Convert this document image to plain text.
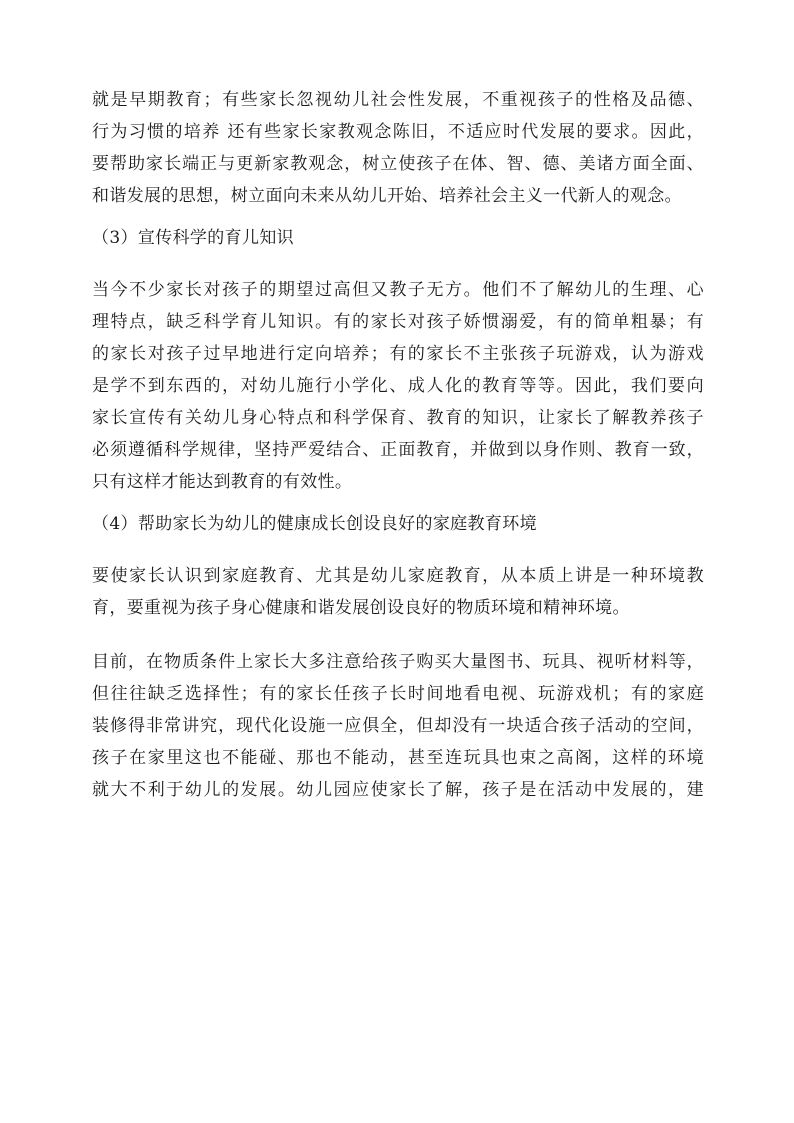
就是早期教育；有些家长忽视幼儿社会性发展，不重视孩子的性格及品德、
行为习惯的培养 还有些家长家教观念陈旧，不适应时代发展的要求。因此，
要帮助家长端正与更新家教观念，树立使孩子在体、智、德、美诸方面全面、
和谐发展的思想，树立面向未来从幼儿开始、培养社会主义一代新人的观念。

（3）宣传科学的育儿知识

当今不少家长对孩子的期望过高但又教子无方。他们不了解幼儿的生理、心
理特点，缺乏科学育儿知识。有的家长对孩子娇惯溺爱，有的简单粗暴；有
的家长对孩子过早地进行定向培养；有的家长不主张孩子玩游戏，认为游戏
是学不到东西的，对幼儿施行小学化、成人化的教育等等。因此，我们要向
家长宣传有关幼儿身心特点和科学保育、教育的知识，让家长了解教养孩子
必须遵循科学规律，坚持严爱结合、正面教育，并做到以身作则、教育一致，
只有这样才能达到教育的有效性。

（4）帮助家长为幼儿的健康成长创设良好的家庭教育环境

要使家长认识到家庭教育、尤其是幼儿家庭教育，从本质上讲是一种环境教
育，要重视为孩子身心健康和谐发展创设良好的物质环境和精神环境。
目前，在物质条件上家长大多注意给孩子购买大量图书、玩具、视听材料等，
但往往缺乏选择性；有的家长任孩子长时间地看电视、玩游戏机；有的家庭
装修得非常讲究，现代化设施一应俱全，但却没有一块适合孩子活动的空间，
孩子在家里这也不能碰、那也不能动，甚至连玩具也束之高阁，这样的环境
就大不利于幼儿的发展。幼儿园应使家长了解，孩子是在活动中发展的，建
